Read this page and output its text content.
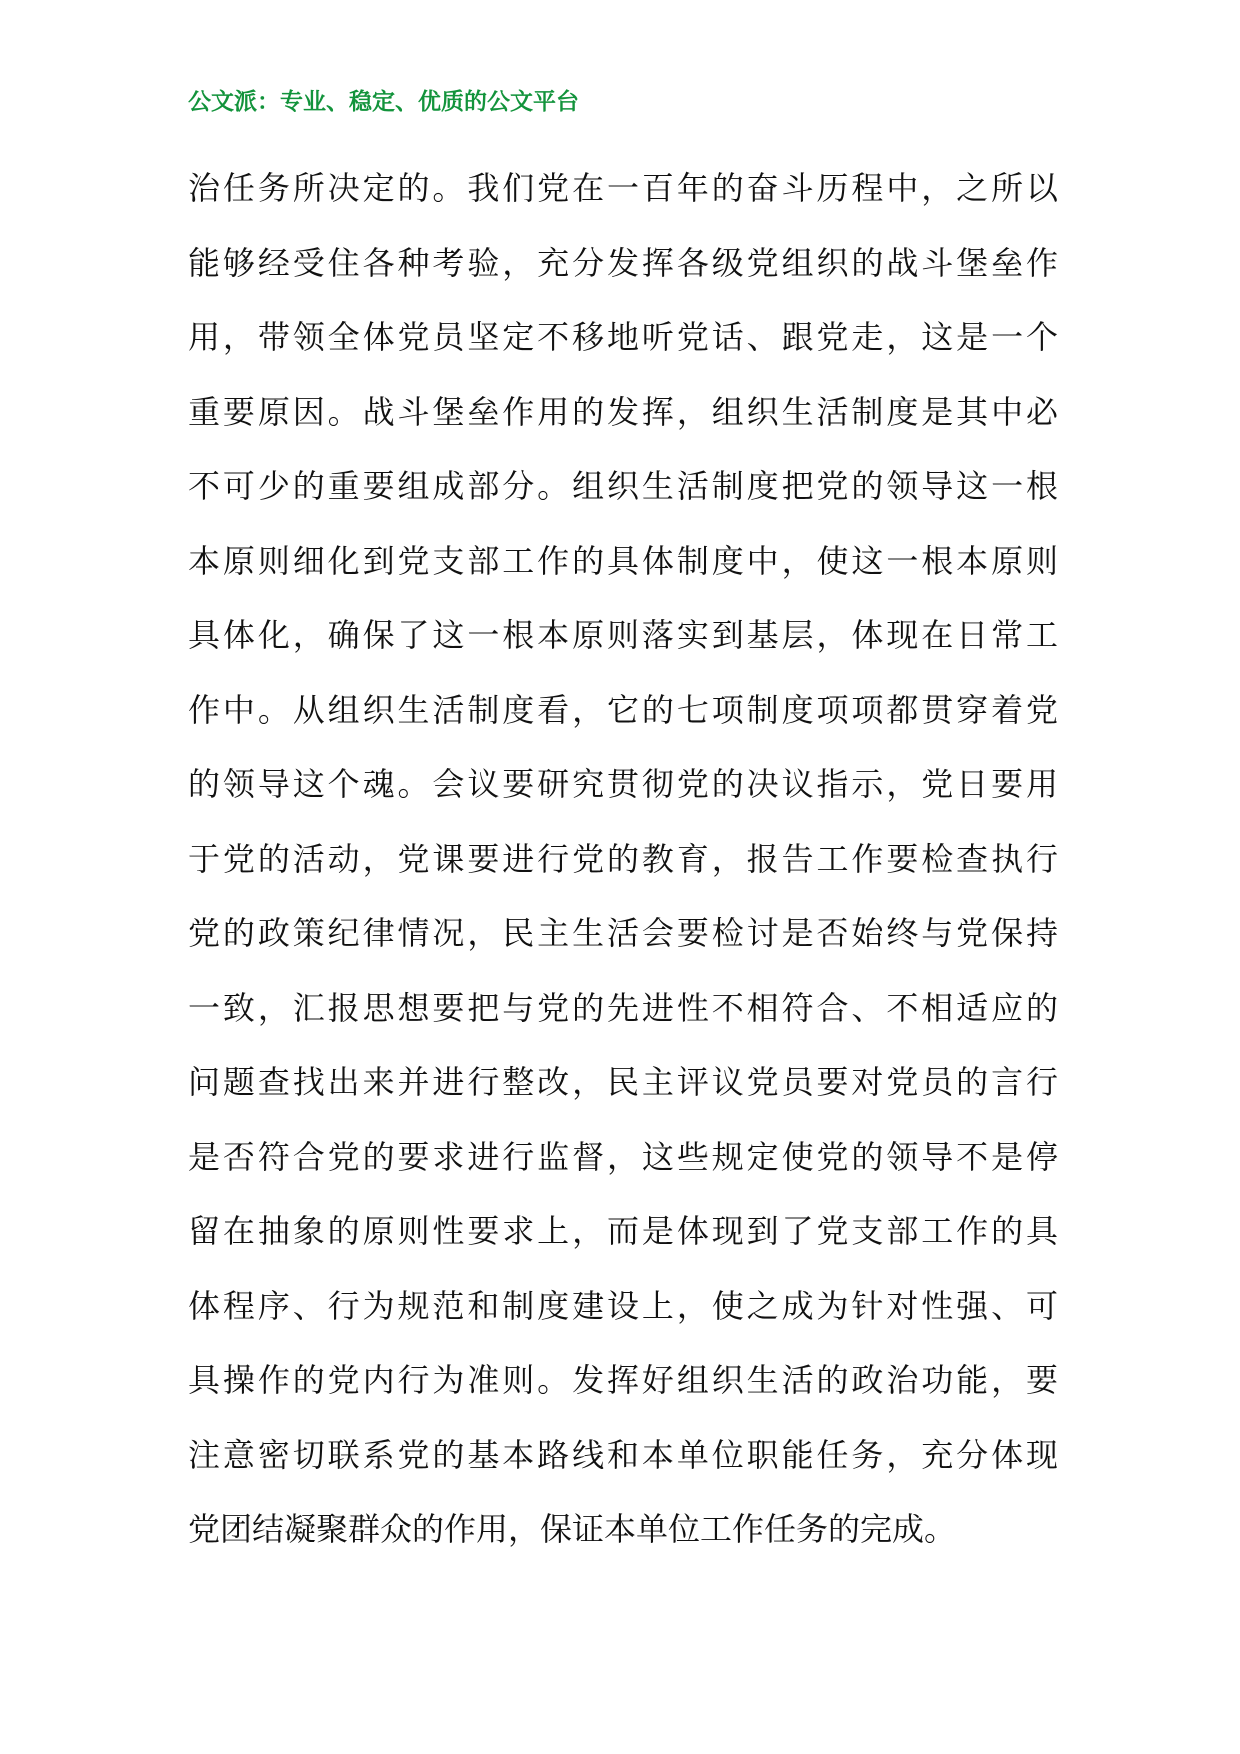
公文派：专业、稳定、优质的公文平台
治任务所决定的。我们党在一百年的奋斗历程中，之所以
能够经受住各种考验，充分发挥各级党组织的战斗堡垒作
用，带领全体党员坚定不移地听党话、跟党走，这是一个
重要原因。战斗堡垒作用的发挥，组织生活制度是其中必
不可少的重要组成部分。组织生活制度把党的领导这一根
本原则细化到党支部工作的具体制度中，使这一根本原则
具体化，确保了这一根本原则落实到基层，体现在日常工
作中。从组织生活制度看，它的七项制度项项都贯穿着党
的领导这个魂。会议要研究贯彻党的决议指示，党日要用
于党的活动，党课要进行党的教育，报告工作要检查执行
党的政策纪律情况，民主生活会要检讨是否始终与党保持
一致，汇报思想要把与党的先进性不相符合、不相适应的
问题查找出来并进行整改，民主评议党员要对党员的言行
是否符合党的要求进行监督，这些规定使党的领导不是停
留在抽象的原则性要求上，而是体现到了党支部工作的具
体程序、行为规范和制度建设上，使之成为针对性强、可
具操作的党内行为准则。发挥好组织生活的政治功能，要
注意密切联系党的基本路线和本单位职能任务，充分体现
党团结凝聚群众的作用，保证本单位工作任务的完成。
